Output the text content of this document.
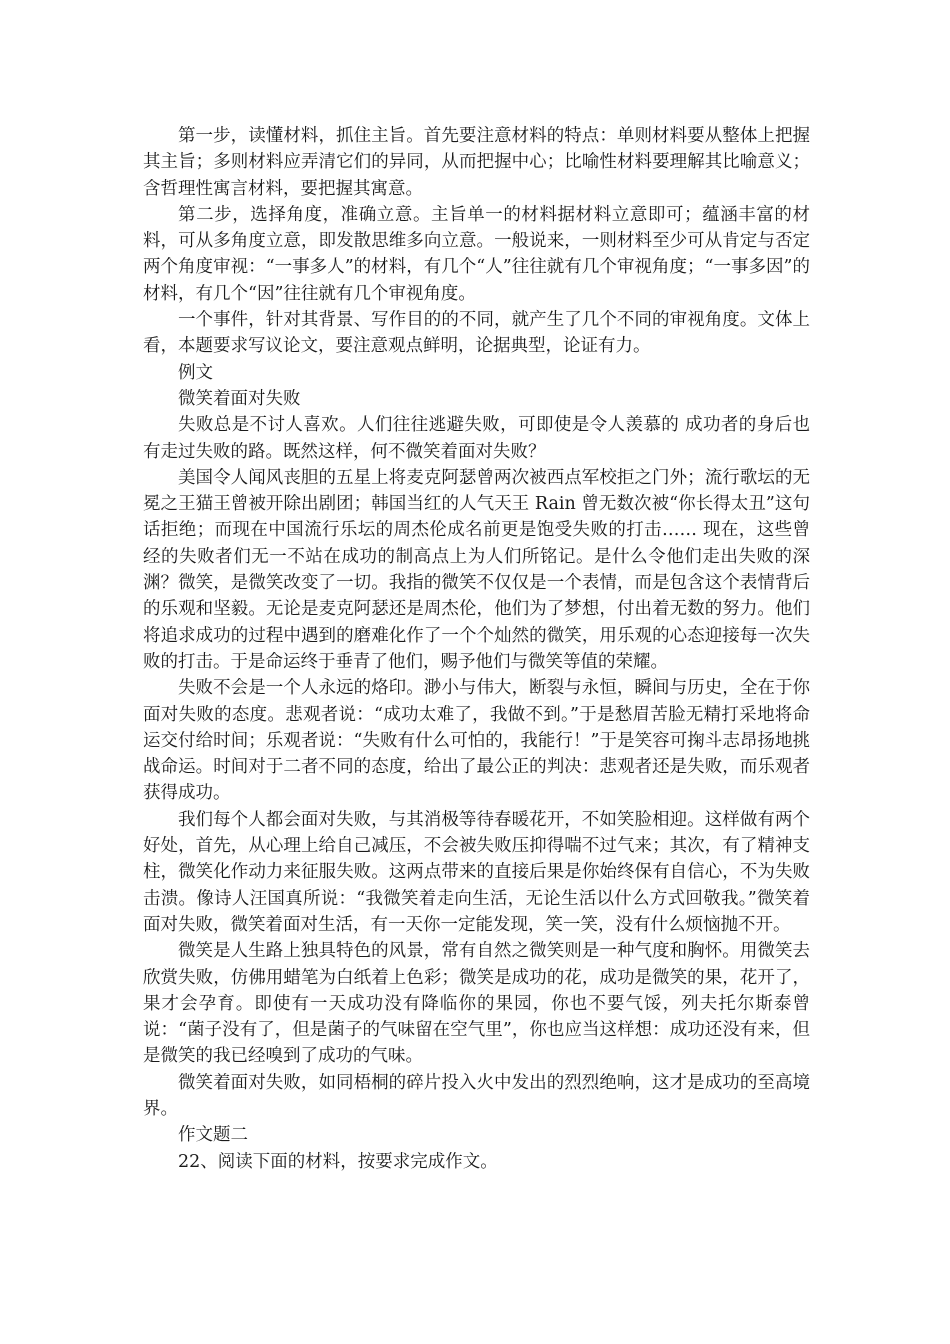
第一步，读懂材料，抓住主旨。首先要注意材料的特点：单则材料要从整体上把握其主旨；多则材料应弄清它们的异同，从而把握中心；比喻性材料要理解其比喻意义；含哲理性寓言材料，要把握其寓意。

第二步，选择角度，准确立意。主旨单一的材料据材料立意即可；蕴涵丰富的材料，可从多角度立意，即发散思维多向立意。一般说来，一则材料至少可从肯定与否定两个角度审视：“一事多人”的材料，有几个“人”往往就有几个审视角度；“一事多因”的材料，有几个“因”往往就有几个审视角度。

一个事件，针对其背景、写作目的的不同，就产生了几个不同的审视角度。文体上看，本题要求写议论文，要注意观点鲜明，论据典型，论证有力。

例文

微笑着面对失败

失败总是不讨人喜欢。人们往往逃避失败，可即使是令人羡慕的 成功者的身后也有走过失败的路。既然这样，何不微笑着面对失败？

美国令人闻风丧胆的五星上将麦克阿瑟曾两次被西点军校拒之门外；流行歌坛的无冕之王猫王曾被开除出剧团；韩国当红的人气天王 Rain 曾无数次被“你长得太丑”这句话拒绝；而现在中国流行乐坛的周杰伦成名前更是饱受失败的打击…… 现在，这些曾经的失败者们无一不站在成功的制高点上为人们所铭记。是什么令他们走出失败的深渊？微笑，是微笑改变了一切。我指的微笑不仅仅是一个表情，而是包含这个表情背后的乐观和坚毅。无论是麦克阿瑟还是周杰伦，他们为了梦想，付出着无数的努力。他们将追求成功的过程中遇到的磨难化作了一个个灿然的微笑，用乐观的心态迎接每一次失败的打击。于是命运终于垂青了他们，赐予他们与微笑等值的荣耀。

失败不会是一个人永远的烙印。渺小与伟大，断裂与永恒，瞬间与历史，全在于你面对失败的态度。悲观者说：“成功太难了，我做不到。”于是愁眉苦脸无精打采地将命运交付给时间；乐观者说：“失败有什么可怕的，我能行！”于是笑容可掬斗志昂扬地挑战命运。时间对于二者不同的态度，给出了最公正的判决：悲观者还是失败，而乐观者获得成功。

我们每个人都会面对失败，与其消极等待春暖花开，不如笑脸相迎。这样做有两个好处，首先，从心理上给自己减压，不会被失败压抑得喘不过气来；其次，有了精神支柱，微笑化作动力来征服失败。这两点带来的直接后果是你始终保有自信心，不为失败击溃。像诗人汪国真所说：“我微笑着走向生活，无论生活以什么方式回敬我。”微笑着面对失败，微笑着面对生活，有一天你一定能发现，笑一笑，没有什么烦恼抛不开。

微笑是人生路上独具特色的风景，常有自然之微笑则是一种气度和胸怀。用微笑去欣赏失败，仿佛用蜡笔为白纸着上色彩；微笑是成功的花，成功是微笑的果，花开了，果才会孕育。即使有一天成功没有降临你的果园，你也不要气馁，列夫托尔斯泰曾说：“菌子没有了，但是菌子的气味留在空气里”，你也应当这样想：成功还没有来，但是微笑的我已经嗅到了成功的气味。

微笑着面对失败，如同梧桐的碎片投入火中发出的烈烈绝响，这才是成功的至高境界。

作文题二

22、阅读下面的材料，按要求完成作文。
